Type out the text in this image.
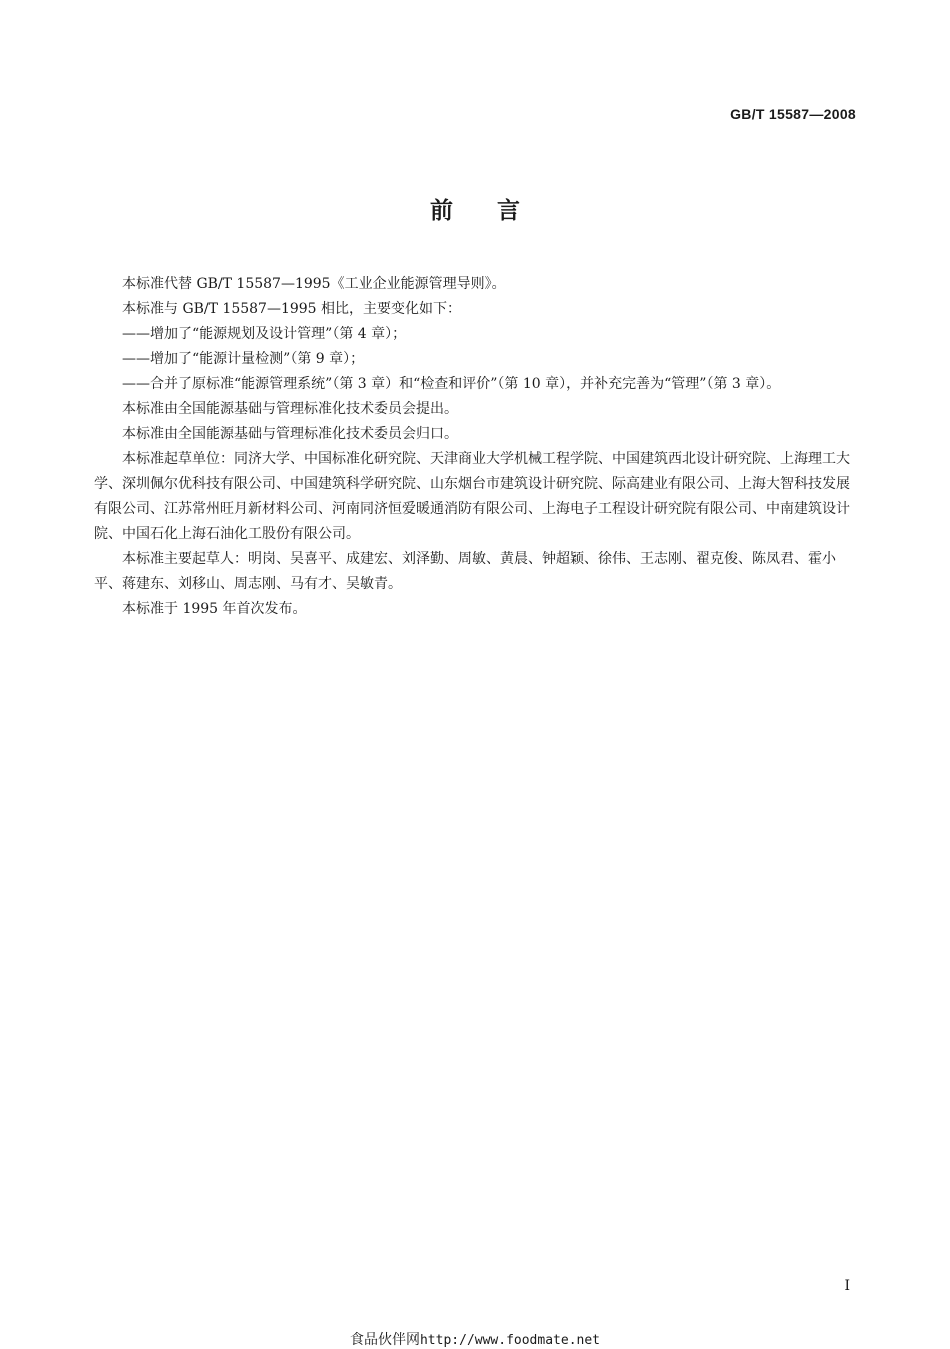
GB/T 15587—2008
前言

本标准代替 GB/T 15587—1995《工业企业能源管理导则》。

本标准与 GB/T 15587—1995 相比，主要变化如下：

——增加了“能源规划及设计管理”（第 4 章）；

——增加了“能源计量检测”（第 9 章）；

——合并了原标准“能源管理系统”（第 3 章）和“检查和评价”（第 10 章），并补充完善为“管理”（第 3 章）。

本标准由全国能源基础与管理标准化技术委员会提出。

本标准由全国能源基础与管理标准化技术委员会归口。

本标准起草单位：同济大学、中国标准化研究院、天津商业大学机械工程学院、中国建筑西北设计研究院、上海理工大学、深圳佩尔优科技有限公司、中国建筑科学研究院、山东烟台市建筑设计研究院、际高建业有限公司、上海大智科技发展有限公司、江苏常州旺月新材料公司、河南同济恒爱暖通消防有限公司、上海电子工程设计研究院有限公司、中南建筑设计院、中国石化上海石油化工股份有限公司。

本标准主要起草人：明岗、吴喜平、成建宏、刘泽勤、周敏、黄晨、钟超颖、徐伟、王志刚、翟克俊、陈凤君、霍小平、蒋建东、刘移山、周志刚、马有才、吴敏青。

本标准于 1995 年首次发布。

I
食品伙伴网http://www.foodmate.net
